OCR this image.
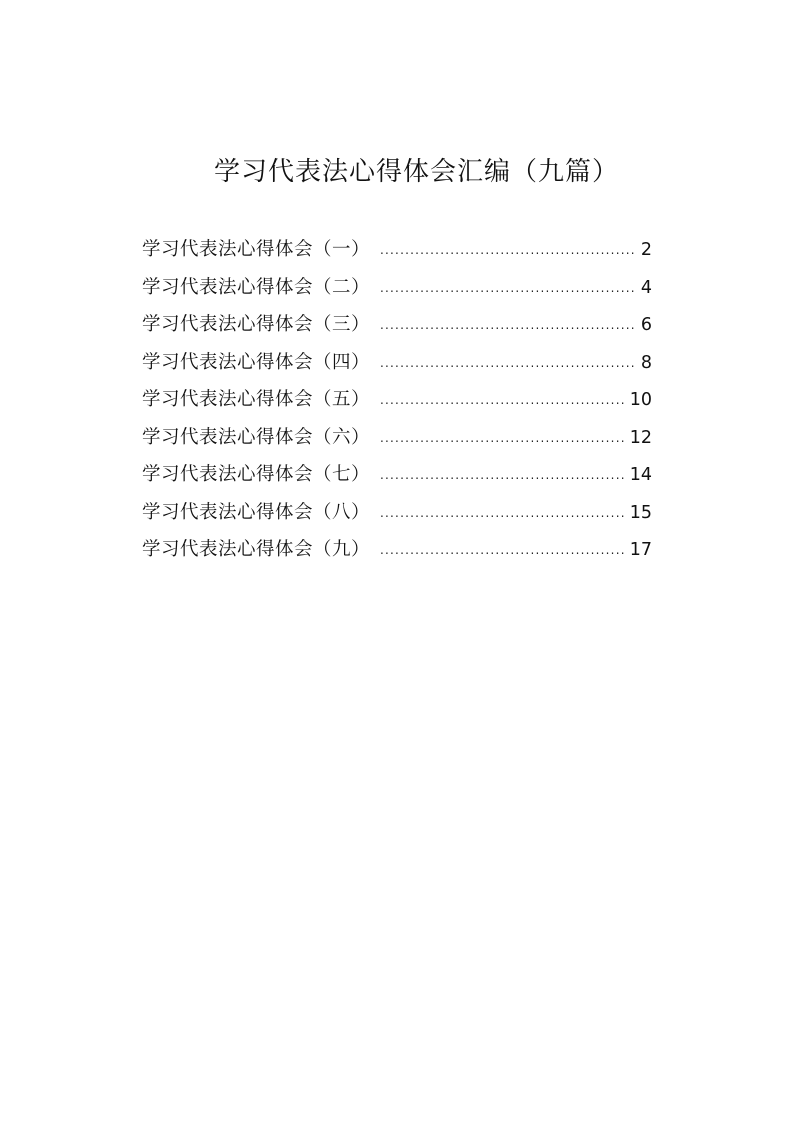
学习代表法心得体会汇编（九篇）
学习代表法心得体会（一） .....	2
学习代表法心得体会（二） .....	4
学习代表法心得体会（三） .....	6
学习代表法心得体会（四） .....	8
学习代表法心得体会（五） .....	10
学习代表法心得体会（六） .....	12
学习代表法心得体会（七） .....	14
学习代表法心得体会（八） .....	15
学习代表法心得体会（九） .....	17
